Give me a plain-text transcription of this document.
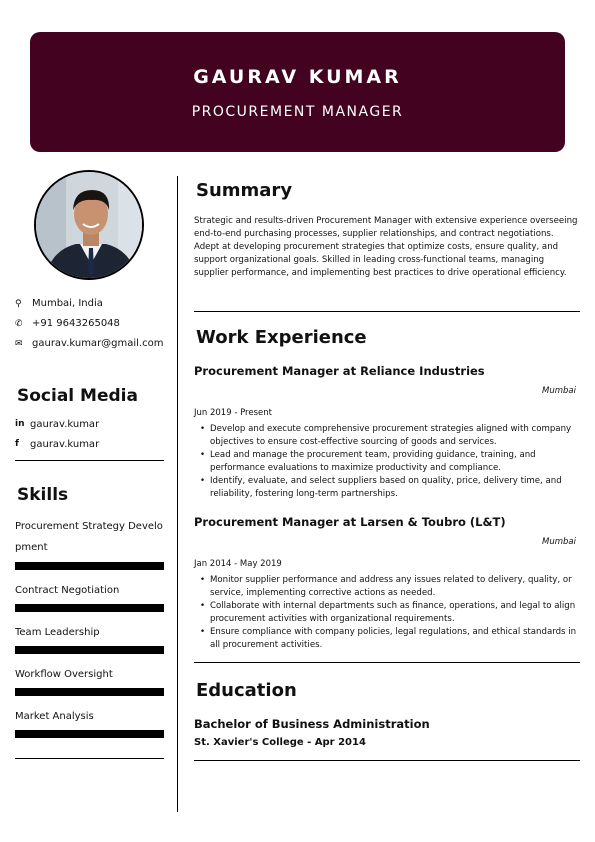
GAURAV KUMAR
PROCUREMENT MANAGER
⚲	Mumbai, India
✆ +91 9643265048
✉ gaurav.kumar@gmail.com
Social Media
in gaurav.kumar
f gaurav.kumar
Skills
Procurement Strategy Development
Contract Negotiation
Team Leadership
Workflow Oversight
Market Analysis
Summary
Strategic and results-driven Procurement Manager with extensive experience overseeing end-to-end purchasing processes, supplier relationships, and contract negotiations. Adept at developing procurement strategies that optimize costs, ensure quality, and support organizational goals. Skilled in leading cross-functional teams, managing supplier performance, and implementing best practices to drive operational efficiency.
Work Experience
Procurement Manager at Reliance Industries
Mumbai
Jun 2019 - Present
• Develop and execute comprehensive procurement strategies aligned with company objectives to ensure cost-effective sourcing of goods and services.
• Lead and manage the procurement team, providing guidance, training, and performance evaluations to maximize productivity and compliance.
• Identify, evaluate, and select suppliers based on quality, price, delivery time, and reliability, fostering long-term partnerships.
Procurement Manager at Larsen & Toubro (L&T)
Mumbai
Jan 2014 - May 2019
• Monitor supplier performance and address any issues related to delivery, quality, or service, implementing corrective actions as needed.
• Collaborate with internal departments such as finance, operations, and legal to align procurement activities with organizational requirements.
• Ensure compliance with company policies, legal regulations, and ethical standards in all procurement activities.
Education
Bachelor of Business Administration
St. Xavier's College - Apr 2014
